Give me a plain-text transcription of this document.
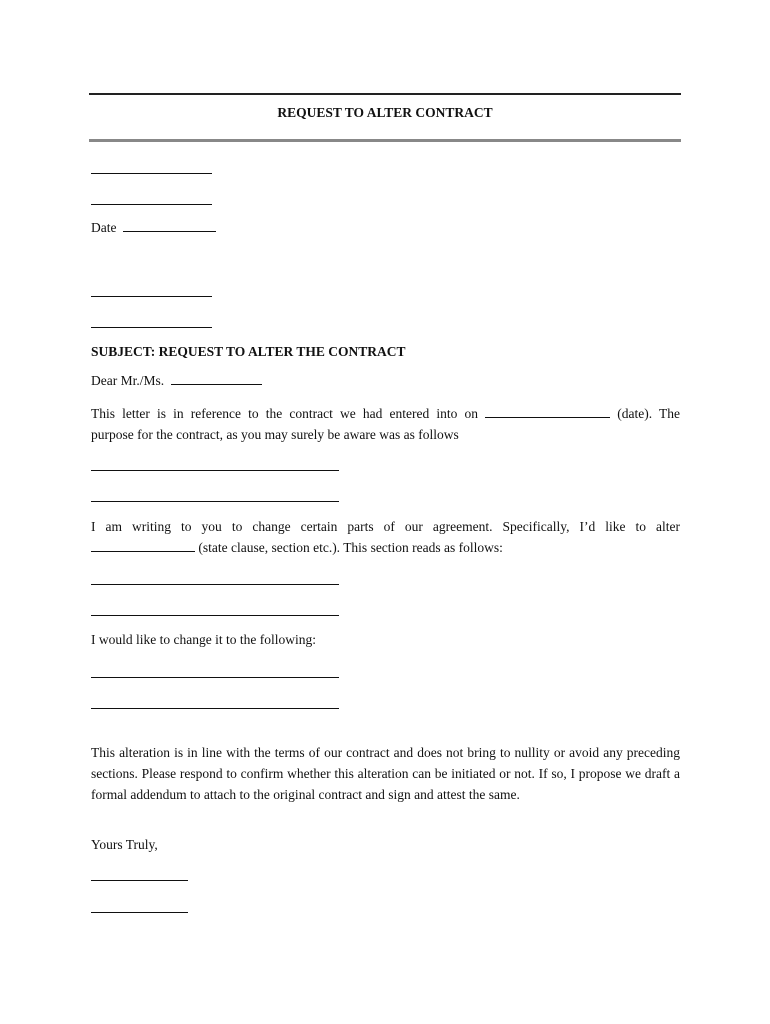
REQUEST TO ALTER CONTRACT
Date
SUBJECT: REQUEST TO ALTER THE CONTRACT
Dear Mr./Ms.
This letter is in reference to the contract we had entered into on	(date). The
purpose for the contract, as you may surely be aware was as follows
I am writing to you to change certain parts of our agreement. Specifically, I’d like to alter
(state clause, section etc.). This section reads as follows:
I would like to change it to the following:
This alteration is in line with the terms of our contract and does not bring to nullity or avoid any preceding sections. Please respond to confirm whether this alteration can be initiated or not. If so, I propose we draft a formal addendum to attach to the original contract and sign and attest the same.
Yours Truly,
